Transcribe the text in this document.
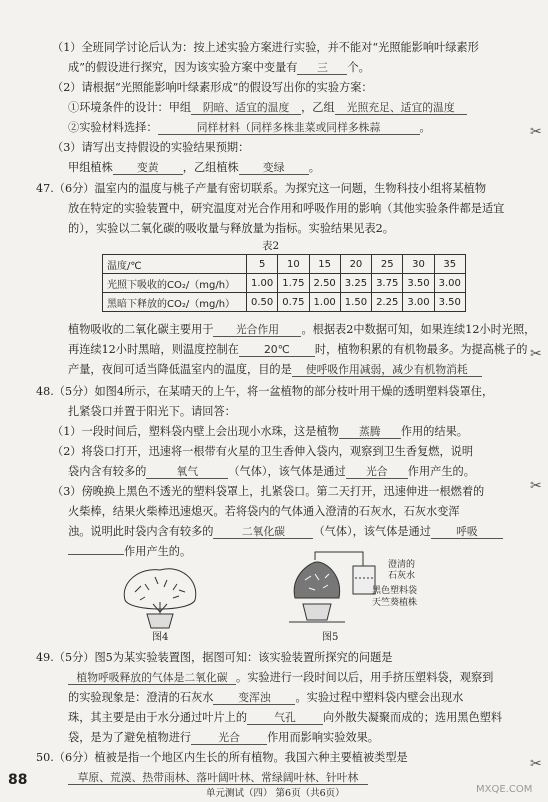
（1）全班同学讨论后认为：按上述实验方案进行实验，并不能对“光照能影响叶绿素形
成”的假设进行探究，因为该实验方案中变量有 三 个。
（2）请根据“光照能影响叶绿素形成”的假设写出你的实验方案：
①环境条件的设计：甲组 阴暗、适宜的温度 ，乙组 光照充足、适宜的温度
②实验材料选择：	同样材料（同样多株韭菜或同样多株蒜	。
（3）请写出支持假设的实验结果预期：
甲组植株 变黄 ，乙组植株 变绿 。
47.（6分）温室内的温度与桃子产量有密切联系。为探究这一问题，生物科技小组将某植物
放在特定的实验装置中，研究温度对光合作用和呼吸作用的影响（其他实验条件都是适宜
的），实验以二氧化碳的吸收量与释放量为指标。实验结果见表2。
表2
温度/℃	5	10	15	20	25	30	35
光照下吸收的CO₂/（mg/h）	1.00	1.75	2.50	3.25	3.75	3.50	3.00
黑暗下释放的CO₂/（mg/h）	0.50	0.75	1.00	1.50	2.25	3.00	3.50
植物吸收的二氧化碳主要用于 光合作用 。根据表2中数据可知，如果连续12小时光照，
再连续12小时黑暗，则温度控制在 20℃ 时，植物积累的有机物最多。为提高桃子的
产量，夜间可适当降低温室内的温度，目的是 使呼吸作用减弱，减少有机物消耗
48.（5分）如图4所示，在某晴天的上午，将一盆植物的部分枝叶用干燥的透明塑料袋罩住，
扎紧袋口并置于阳光下。请回答：
（1）一段时间后，塑料袋内壁上会出现小水珠，这是植物 蒸腾 作用的结果。
（2）将袋口打开，迅速将一根带有火星的卫生香伸入袋内，观察到卫生香复燃，说明
袋内含有较多的	氧气	（气体），该气体是通过 光合 作用产生的。
（3）傍晚换上黑色不透光的塑料袋罩上，扎紧袋口。第二天打开，迅速伸进一根燃着的
火柴棒，结果火柴棒迅速熄灭。若将袋内的气体通入澄清的石灰水，石灰水变浑
浊。说明此时袋内含有较多的	二氧化碳	（气体），该气体是通过 呼吸
作用产生的。
图4
澄清的
石灰水
黑色塑料袋
天竺葵植株
图5
49.（5分）图5为某实验装置图，据图可知：该实验装置所探究的问题是
植物呼吸释放的气体是二氧化碳 。实验进行一段时间以后，用手挤压塑料袋，观察到
的实验现象是：澄清的石灰水 变浑浊 。实验过程中塑料袋内壁会出现水
珠，其主要是由于水分通过叶片上的	气孔 向外散失凝聚而成的；选用黑色塑料
袋，是为了避免植物进行	光合 作用而影响实验效果。
50.（6分）植被是指一个地区内生长的所有植物。我国六种主要植被类型是
草原、荒漠、热带雨林、落叶阔叶林、常绿阔叶林、针叶林
88
单元测试（四） 第6页（共6页）	MXQE.COM
✂
✂
✂
✂
